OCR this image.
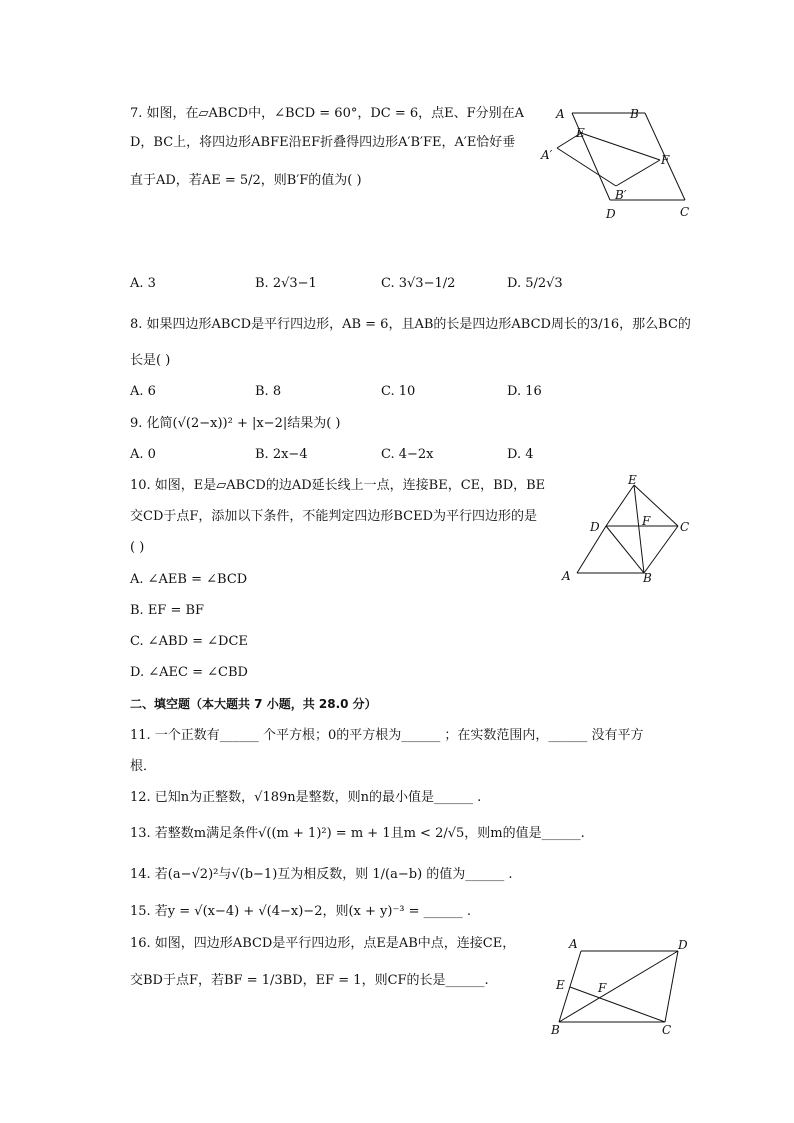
7. 如图，在▱ABCD中，∠BCD = 60°，DC = 6，点E、F分别在A
D，BC上，将四边形ABFE沿EF折叠得四边形A′B′FE，A′E恰好垂
直于AD，若AE = 5/2，则B′F的值为( )
A	B
E
A′	F
B′
D	C
A. 3	B. 2√3−1	C. 3√3−1/2	D. 5/2√3
8. 如果四边形ABCD是平行四边形，AB = 6，且AB的长是四边形ABCD周长的3/16，那么BC的
长是( )
A. 6	B. 8	C. 10	D. 16
9. 化简(√(2−x))² + |x−2|结果为( )
A. 0	B. 2x−4	C. 4−2x	D. 4
10. 如图，E是▱ABCD的边AD延长线上一点，连接BE，CE，BD，BE
交CD于点F，添加以下条件，不能判定四边形BCED为平行四边形的是
( )
A. ∠AEB = ∠BCD
B. EF = BF
C. ∠ABD = ∠DCE
D. ∠AEC = ∠CBD
E
D	F C
A	B
二、填空题（本大题共 7 小题，共 28.0 分）
11. 一个正数有______ 个平方根；0的平方根为______ ；在实数范围内，______ 没有平方
根．
12. 已知n为正整数，√189n是整数，则n的最小值是______ .
13. 若整数m满足条件√((m + 1)²) = m + 1且m < 2/√5，则m的值是______.
14. 若(a−√2)²与√(b−1)互为相反数，则 1/(a−b) 的值为______ .
15. 若y = √(x−4) + √(4−x)−2，则(x + y)⁻³ = ______ .
16. 如图，四边形ABCD是平行四边形，点E是AB中点，连接CE，
交BD于点F，若BF = 1/3BD，EF = 1，则CF的长是______.
A	D
E	F
B	C
